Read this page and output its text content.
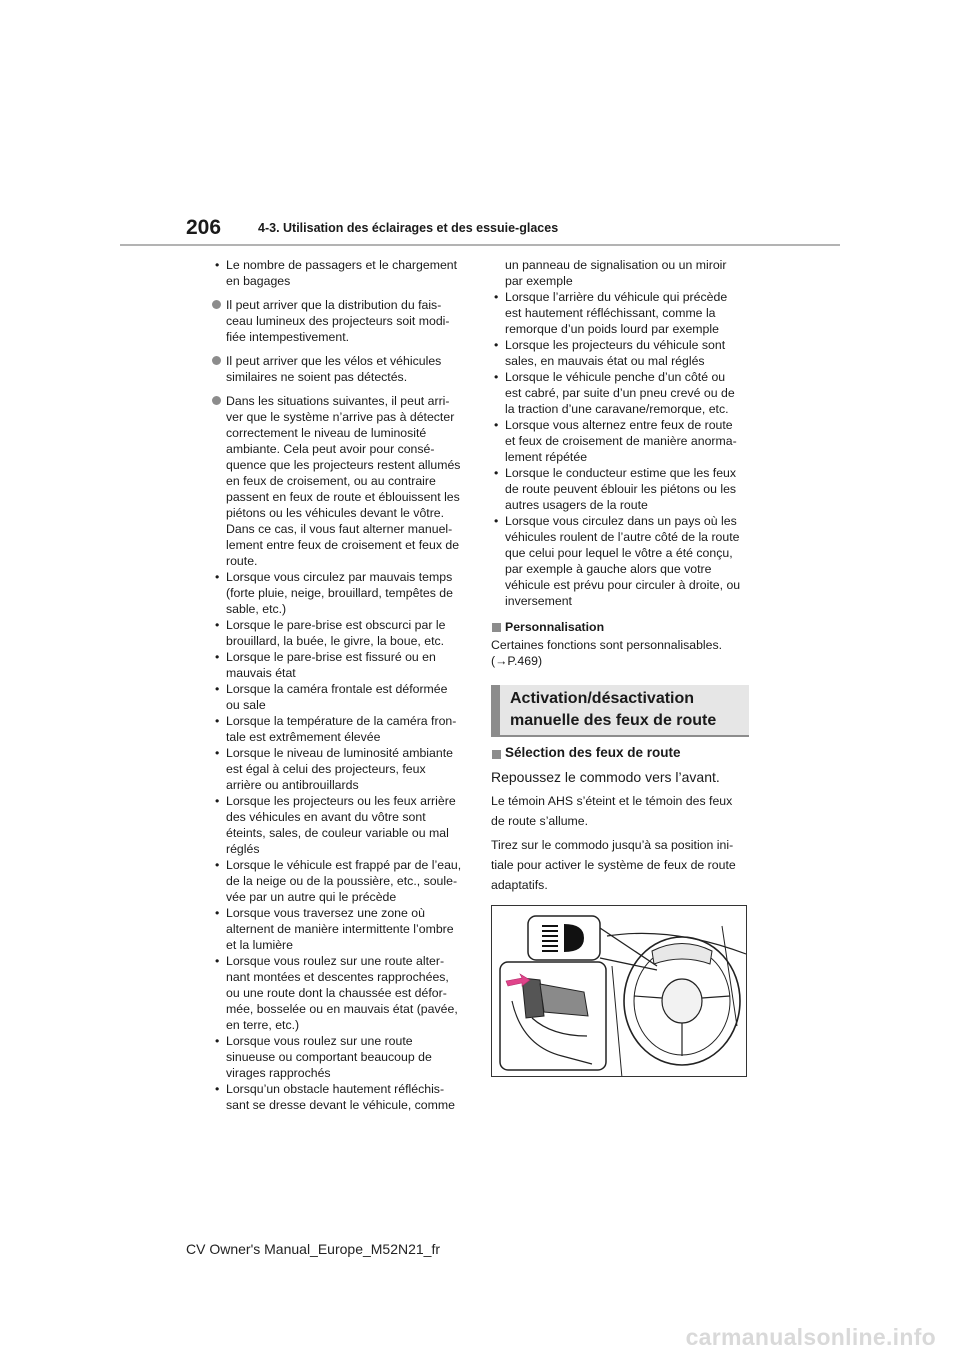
206	4-3. Utilisation des éclairages et des essuie-glaces
• Le nombre de passagers et le chargement
en bagages
Il peut arriver que la distribution du fais-
ceau lumineux des projecteurs soit modi-
fiée intempestivement.
Il peut arriver que les vélos et véhicules
similaires ne soient pas détectés.
Dans les situations suivantes, il peut arri-
ver que le système n’arrive pas à détecter
correctement le niveau de luminosité
ambiante. Cela peut avoir pour consé-
quence que les projecteurs restent allumés
en feux de croisement, ou au contraire
passent en feux de route et éblouissent les
piétons ou les véhicules devant le vôtre.
Dans ce cas, il vous faut alterner manuel-
lement entre feux de croisement et feux de
route.
• Lorsque vous circulez par mauvais temps
(forte pluie, neige, brouillard, tempêtes de
sable, etc.)
• Lorsque le pare-brise est obscurci par le
brouillard, la buée, le givre, la boue, etc.
• Lorsque le pare-brise est fissuré ou en
mauvais état
• Lorsque la caméra frontale est déformée
ou sale
• Lorsque la température de la caméra fron-
tale est extrêmement élevée
• Lorsque le niveau de luminosité ambiante
est égal à celui des projecteurs, feux
arrière ou antibrouillards
• Lorsque les projecteurs ou les feux arrière
des véhicules en avant du vôtre sont
éteints, sales, de couleur variable ou mal
réglés
• Lorsque le véhicule est frappé par de l’eau,
de la neige ou de la poussière, etc., soule-
vée par un autre qui le précède
• Lorsque vous traversez une zone où
alternent de manière intermittente l’ombre
et la lumière
• Lorsque vous roulez sur une route alter-
nant montées et descentes rapprochées,
ou une route dont la chaussée est défor-
mée, bosselée ou en mauvais état (pavée,
en terre, etc.)
• Lorsque vous roulez sur une route
sinueuse ou comportant beaucoup de
virages rapprochés
• Lorsqu’un obstacle hautement réfléchis-
sant se dresse devant le véhicule, comme
un panneau de signalisation ou un miroir
par exemple
• Lorsque l’arrière du véhicule qui précède
est hautement réfléchissant, comme la
remorque d’un poids lourd par exemple
• Lorsque les projecteurs du véhicule sont
sales, en mauvais état ou mal réglés
• Lorsque le véhicule penche d’un côté ou
est cabré, par suite d’un pneu crevé ou de
la traction d’une caravane/remorque, etc.
• Lorsque vous alternez entre feux de route
et feux de croisement de manière anorma-
lement répétée
• Lorsque le conducteur estime que les feux
de route peuvent éblouir les piétons ou les
autres usagers de la route
• Lorsque vous circulez dans un pays où les
véhicules roulent de l’autre côté de la route
que celui pour lequel le vôtre a été conçu,
par exemple à gauche alors que votre
véhicule est prévu pour circuler à droite, ou
inversement
Personnalisation
Certaines fonctions sont personnalisables.
(→P.469)
Activation/désactivation
manuelle des feux de route
Sélection des feux de route
Repoussez le commodo vers l’avant.
Le témoin AHS s’éteint et le témoin des feux
de route s’allume.
Tirez sur le commodo jusqu’à sa position ini-
tiale pour activer le système de feux de route
adaptatifs.
CV Owner's Manual_Europe_M52N21_fr
carmanualsonline.info
